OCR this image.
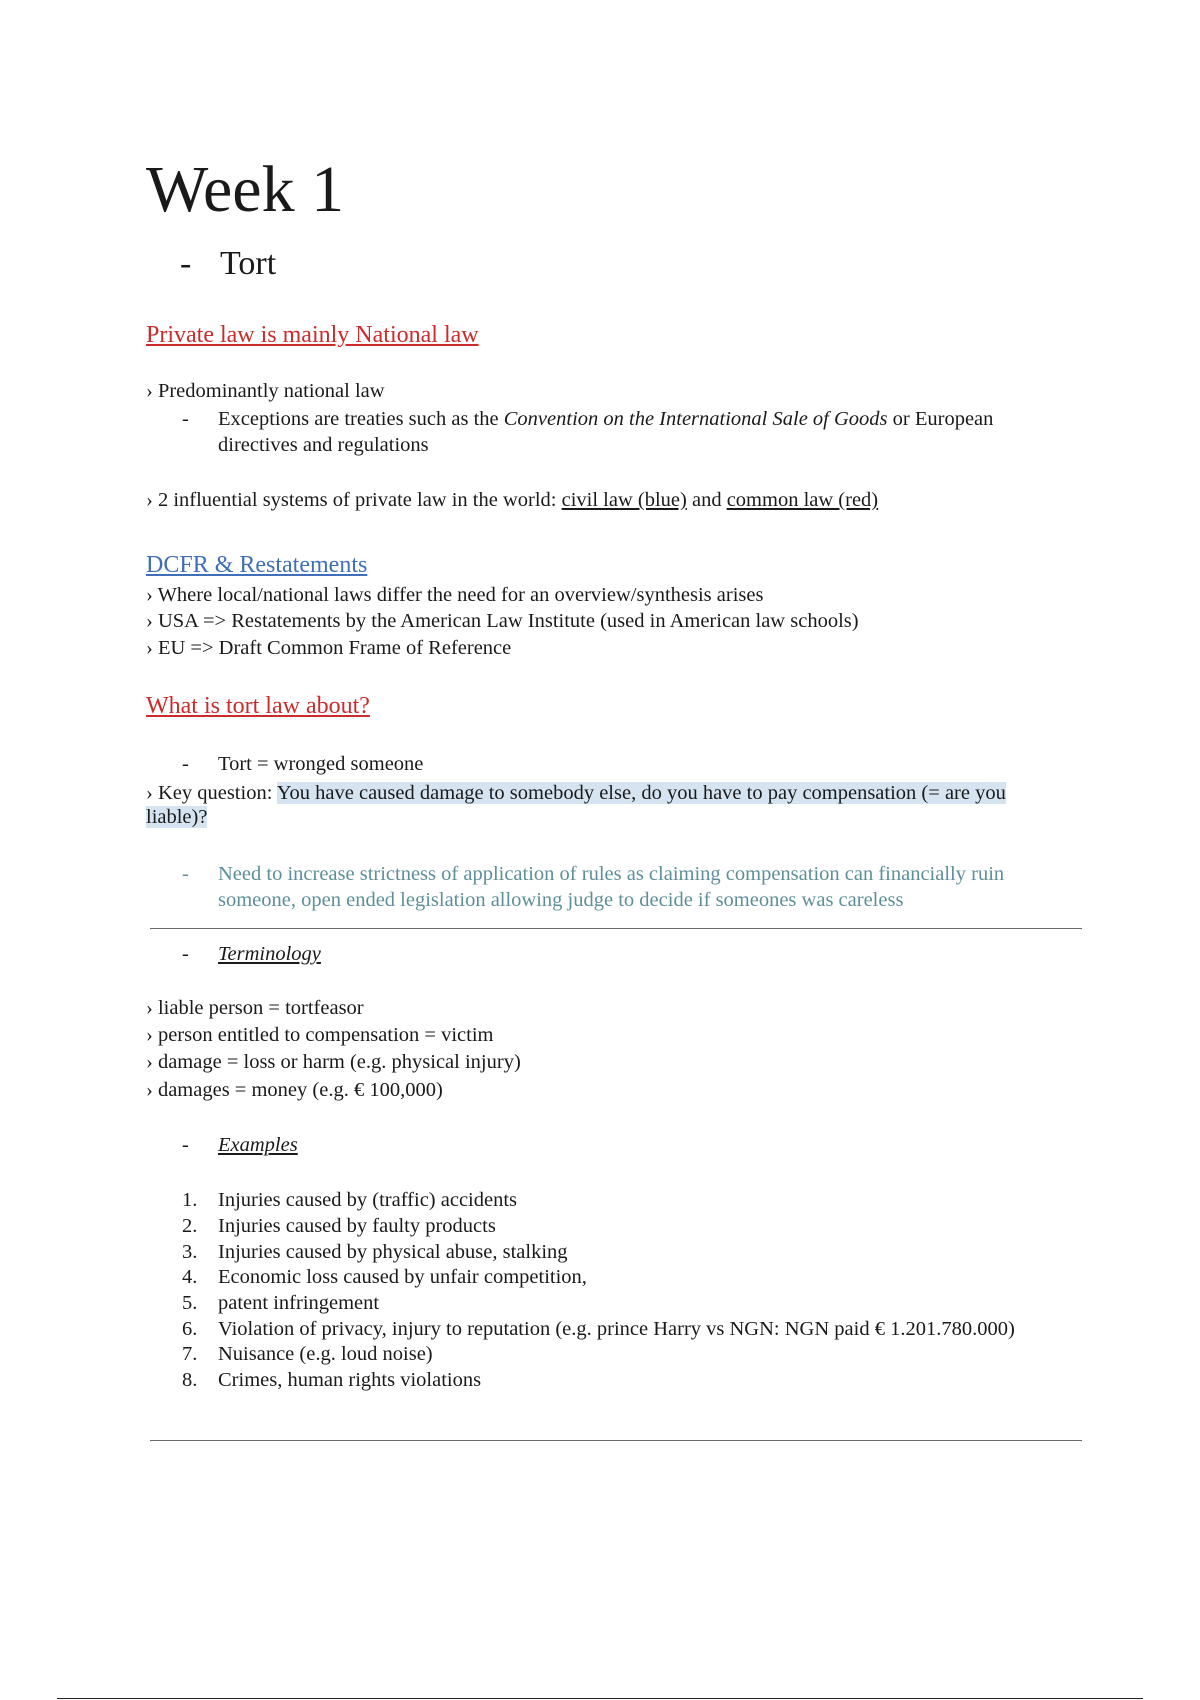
Week 1
- Tort
Private law is mainly National law
› Predominantly national law
- Exceptions are treaties such as the Convention on the International Sale of Goods or European
directives and regulations
› 2 influential systems of private law in the world: civil law (blue) and common law (red)
DCFR & Restatements
› Where local/national laws differ the need for an overview/synthesis arises
› USA => Restatements by the American Law Institute (used in American law schools)
› EU => Draft Common Frame of Reference
What is tort law about?
- Tort = wronged someone
› Key question: You have caused damage to somebody else, do you have to pay compensation (= are you
liable)?
- Need to increase strictness of application of rules as claiming compensation can financially ruin
someone, open ended legislation allowing judge to decide if someones was careless
- Terminology
› liable person = tortfeasor
› person entitled to compensation = victim
› damage = loss or harm (e.g. physical injury)
› damages = money (e.g. € 100,000)
- Examples
1. Injuries caused by (traffic) accidents
2. Injuries caused by faulty products
3. Injuries caused by physical abuse, stalking
4. Economic loss caused by unfair competition,
5. patent infringement
6. Violation of privacy, injury to reputation (e.g. prince Harry vs NGN: NGN paid € 1.201.780.000)
7. Nuisance (e.g. loud noise)
8. Crimes, human rights violations
